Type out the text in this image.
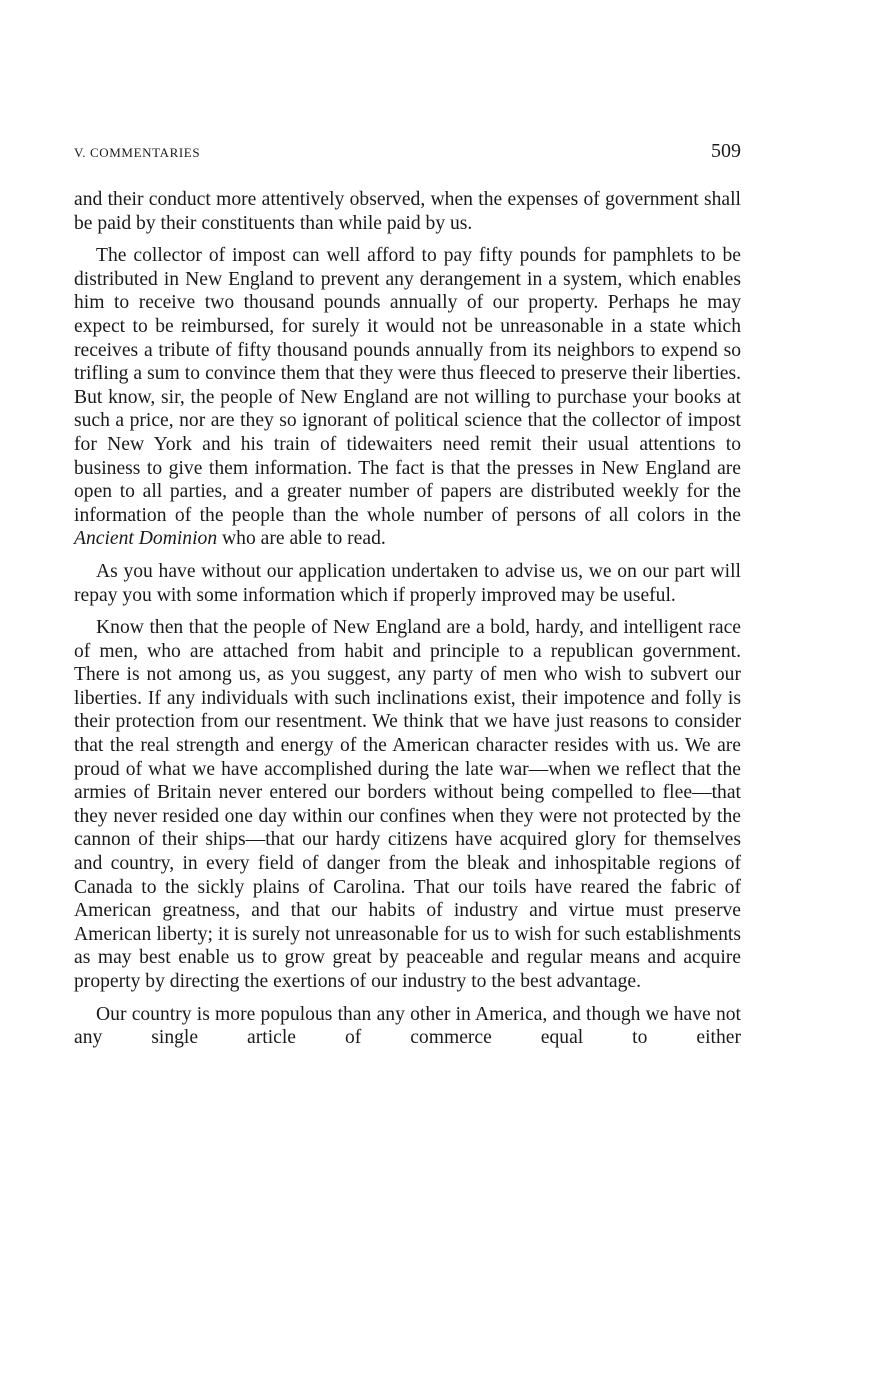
V. COMMENTARIES	509

and their conduct more attentively observed, when the expenses of government shall be paid by their constituents than while paid by us.

The collector of impost can well afford to pay fifty pounds for pamphlets to be distributed in New England to prevent any derangement in a system, which enables him to receive two thousand pounds annually of our property. Perhaps he may expect to be reimbursed, for surely it would not be unreasonable in a state which receives a tribute of fifty thousand pounds annually from its neighbors to expend so trifling a sum to convince them that they were thus fleeced to preserve their liberties. But know, sir, the people of New England are not willing to purchase your books at such a price, nor are they so ignorant of political science that the collector of impost for New York and his train of tidewaiters need remit their usual attentions to business to give them information. The fact is that the presses in New England are open to all parties, and a greater number of papers are distributed weekly for the information of the people than the whole number of persons of all colors in the Ancient Dominion who are able to read.

As you have without our application undertaken to advise us, we on our part will repay you with some information which if properly improved may be useful.

Know then that the people of New England are a bold, hardy, and intelligent race of men, who are attached from habit and principle to a republican government. There is not among us, as you suggest, any party of men who wish to subvert our liberties. If any individuals with such inclinations exist, their impotence and folly is their protection from our resentment. We think that we have just reasons to consider that the real strength and energy of the American character resides with us. We are proud of what we have accomplished during the late war—when we reflect that the armies of Britain never entered our borders without being compelled to flee—that they never resided one day within our confines when they were not protected by the cannon of their ships—that our hardy citizens have acquired glory for themselves and country, in every field of danger from the bleak and inhospitable regions of Canada to the sickly plains of Carolina. That our toils have reared the fabric of American greatness, and that our habits of industry and virtue must preserve American liberty; it is surely not unreasonable for us to wish for such establishments as may best enable us to grow great by peaceable and regular means and acquire property by directing the exertions of our industry to the best advantage.

Our country is more populous than any other in America, and though we have not any single article of commerce equal to either
